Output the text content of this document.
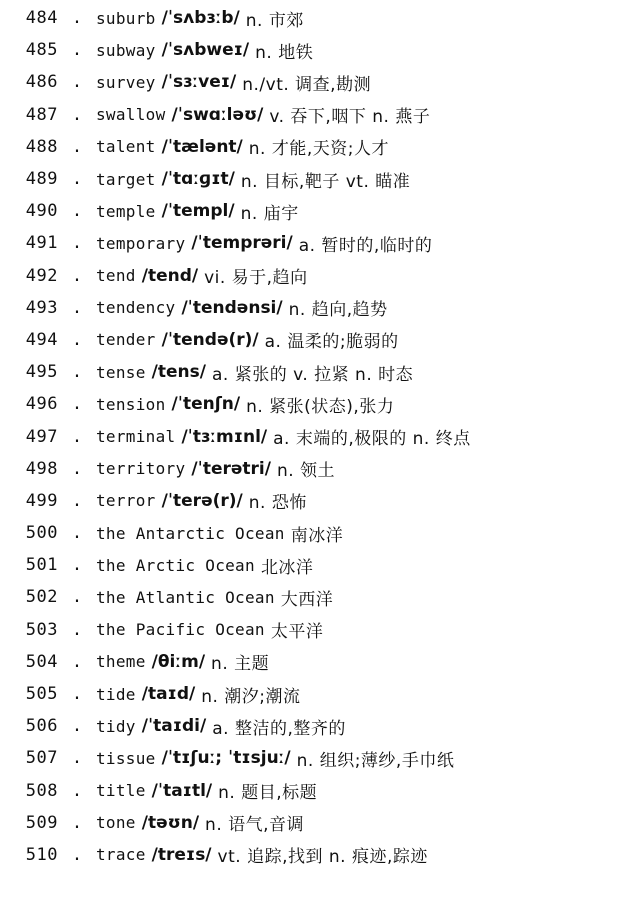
484 . suburb /ˈsʌbɜːb/ n. 市郊
485 . subway /ˈsʌbweɪ/ n. 地铁
486 . survey /ˈsɜːveɪ/ n./vt. 调查,勘测
487 . swallow /ˈswɑːləʊ/ v. 吞下,咽下 n. 燕子
488 . talent /ˈtælənt/ n. 才能,天资;人才
489 . target /ˈtɑːɡɪt/ n. 目标,靶子 vt. 瞄准
490 . temple /ˈtempl/ n. 庙宇
491 . temporary /ˈtemprəri/ a. 暂时的,临时的
492 . tend /tend/ vi. 易于,趋向
493 . tendency /ˈtendənsi/ n. 趋向,趋势
494 . tender /ˈtendə(r)/ a. 温柔的;脆弱的
495 . tense /tens/ a. 紧张的 v. 拉紧 n. 时态
496 . tension /ˈtenʃn/ n. 紧张(状态),张力
497 . terminal /ˈtɜːmɪnl/ a. 末端的,极限的 n. 终点
498 . territory /ˈterətri/ n. 领土
499 . terror /ˈterə(r)/ n. 恐怖
500 . the Antarctic Ocean 南冰洋
501 . the Arctic Ocean 北冰洋
502 . the Atlantic Ocean 大西洋
503 . the Pacific Ocean 太平洋
504 . theme /θiːm/ n. 主题
505 . tide /taɪd/ n. 潮汐;潮流
506 . tidy /ˈtaɪdi/ a. 整洁的,整齐的
507 . tissue /ˈtɪʃuː; ˈtɪsjuː/ n. 组织;薄纱,手巾纸
508 . title /ˈtaɪtl/ n. 题目,标题
509 . tone /təʊn/ n. 语气,音调
510 . trace /treɪs/ vt. 追踪,找到 n. 痕迹,踪迹
